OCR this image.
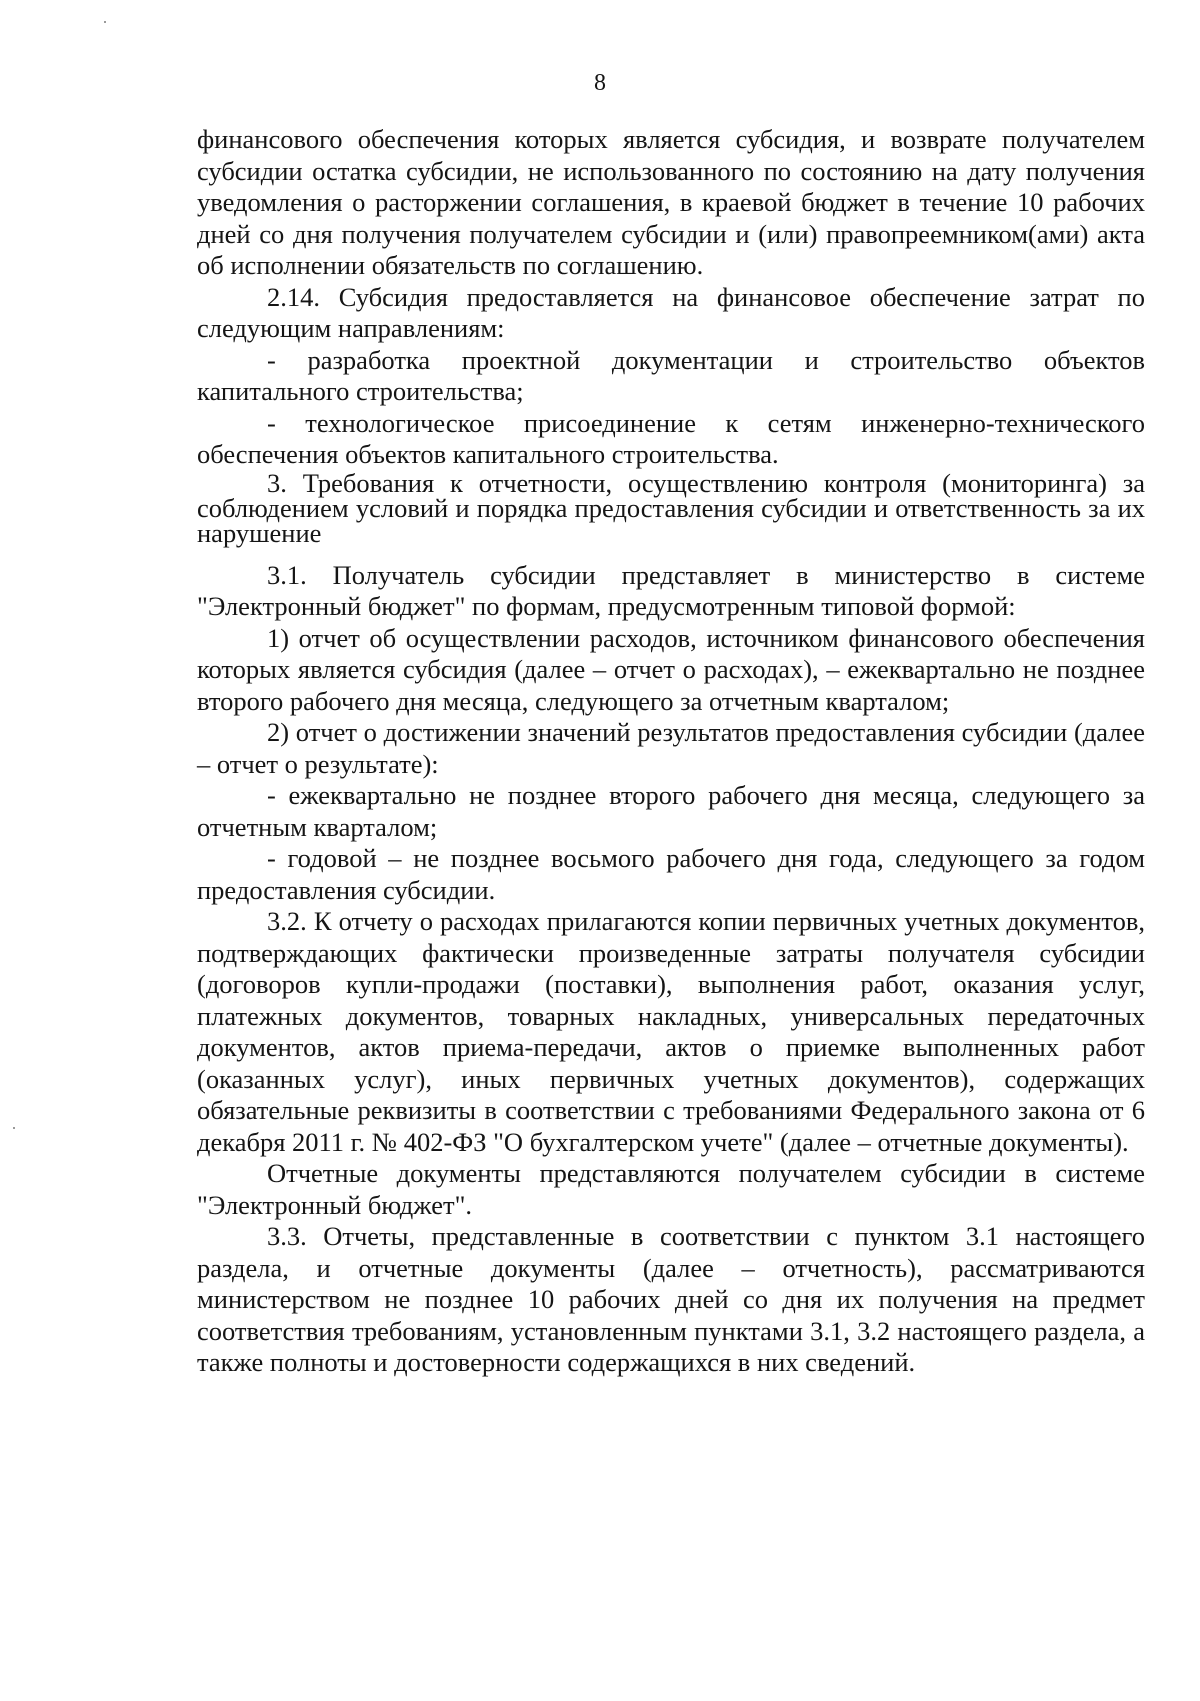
8

финансового обеспечения которых является субсидия, и возврате получателем субсидии остатка субсидии, не использованного по состоянию на дату получения уведомления о расторжении соглашения, в краевой бюджет в течение 10 рабочих дней со дня получения получателем субсидии и (или) правопреемником(ами) акта об исполнении обязательств по соглашению.

2.14. Субсидия предоставляется на финансовое обеспечение затрат по следующим направлениям:

- разработка проектной документации и строительство объектов капитального строительства;

- технологическое присоединение к сетям инженерно-технического обеспечения объектов капитального строительства.

3. Требования к отчетности, осуществлению контроля (мониторинга) за соблюдением условий и порядка предоставления субсидии и ответственность за их нарушение

3.1. Получатель субсидии представляет в министерство в системе "Электронный бюджет" по формам, предусмотренным типовой формой:

1) отчет об осуществлении расходов, источником финансового обеспечения которых является субсидия (далее – отчет о расходах), – ежеквартально не позднее второго рабочего дня месяца, следующего за отчетным кварталом;

2) отчет о достижении значений результатов предоставления субсидии (далее – отчет о результате):

- ежеквартально не позднее второго рабочего дня месяца, следующего за отчетным кварталом;

- годовой – не позднее восьмого рабочего дня года, следующего за годом предоставления субсидии.

3.2. К отчету о расходах прилагаются копии первичных учетных документов, подтверждающих фактически произведенные затраты получателя субсидии (договоров купли-продажи (поставки), выполнения работ, оказания услуг, платежных документов, товарных накладных, универсальных передаточных документов, актов приема-передачи, актов о приемке выполненных работ (оказанных услуг), иных первичных учетных документов), содержащих обязательные реквизиты в соответствии с требованиями Федерального закона от 6 декабря 2011 г. № 402-ФЗ "О бухгалтерском учете" (далее – отчетные документы).

Отчетные документы представляются получателем субсидии в системе "Электронный бюджет".

3.3. Отчеты, представленные в соответствии с пунктом 3.1 настоящего раздела, и отчетные документы (далее – отчетность), рассматриваются министерством не позднее 10 рабочих дней со дня их получения на предмет соответствия требованиям, установленным пунктами 3.1, 3.2 настоящего раздела, а также полноты и достоверности содержащихся в них сведений.
